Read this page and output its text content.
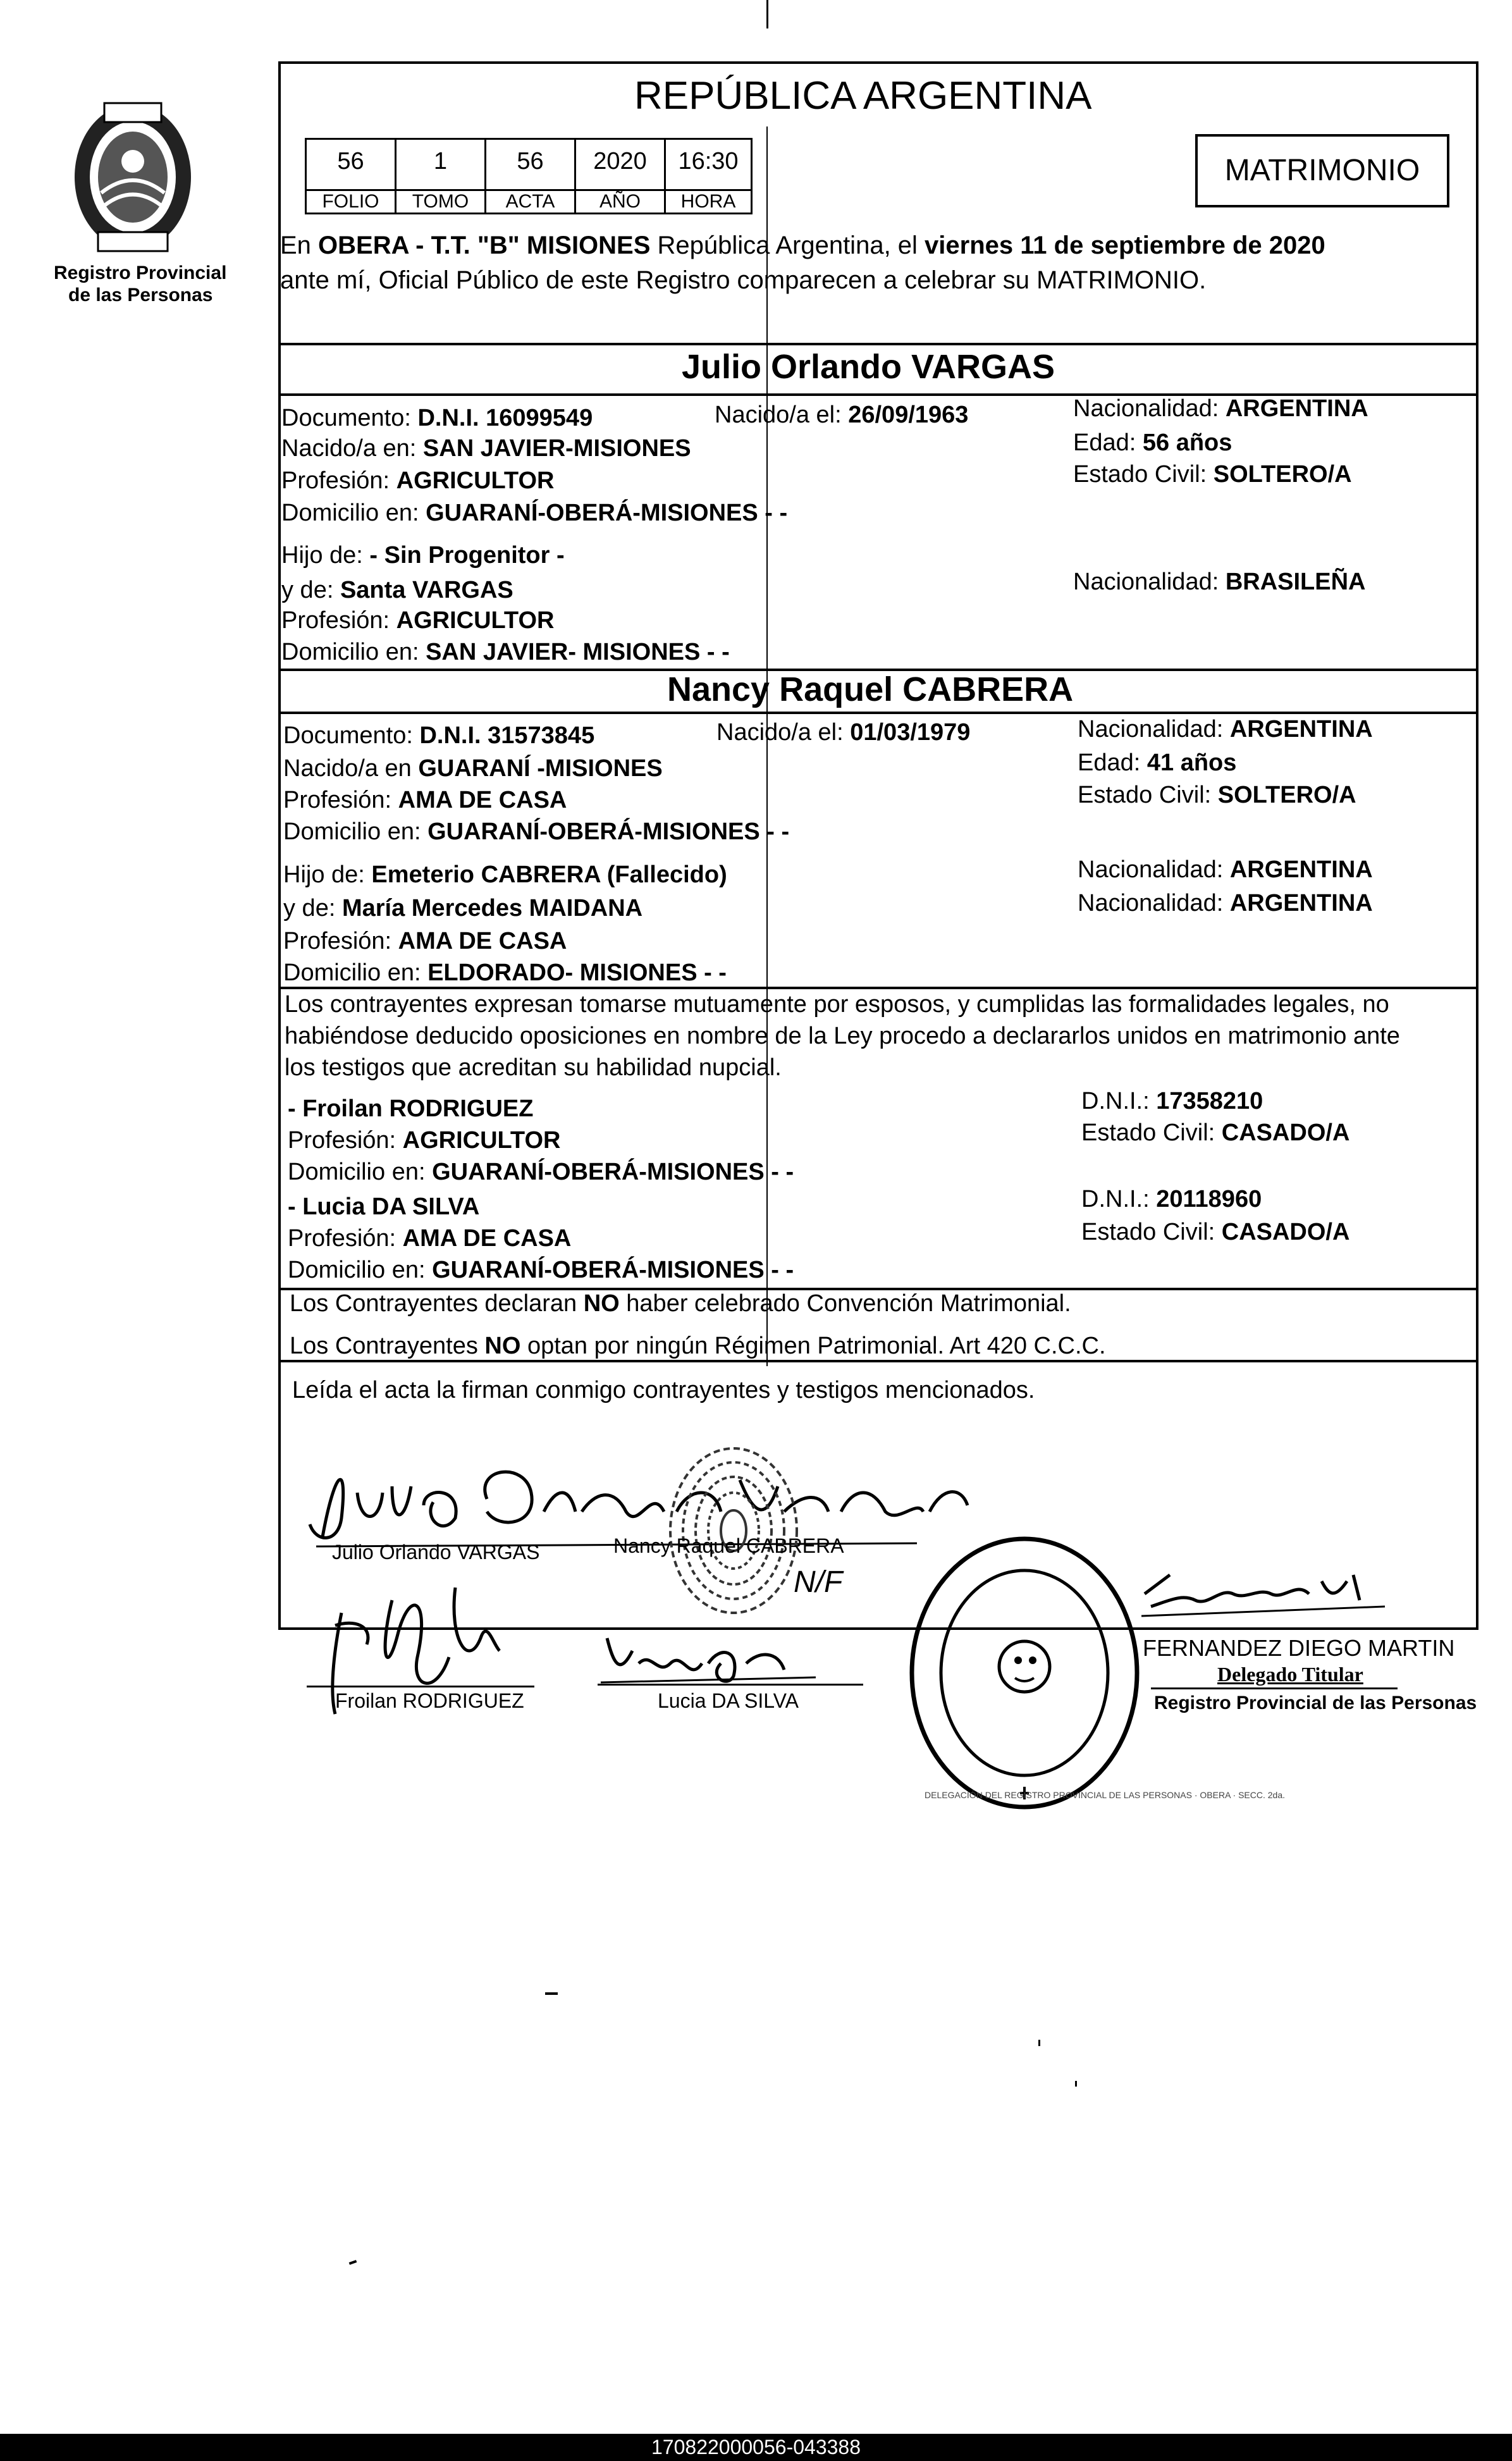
Registro Provincial
de las Personas
REPÚBLICA ARGENTINA
56	1	56	2020	16:30
FOLIO	TOMO	ACTA	AÑO	HORA
MATRIMONIO
En OBERA - T.T. "B" MISIONES República Argentina, el viernes 11 de septiembre de 2020
ante mí, Oficial Público de este Registro comparecen a celebrar su MATRIMONIO.
Julio Orlando VARGAS
Documento: D.N.I. 16099549	Nacido/a el: 26/09/1963	Nacionalidad: ARGENTINA
Nacido/a en: SAN JAVIER-MISIONES	Edad: 56 años
Profesión: AGRICULTOR	Estado Civil: SOLTERO/A
Domicilio en: GUARANÍ-OBERÁ-MISIONES - -
Hijo de: - Sin Progenitor -
y de: Santa VARGAS	Nacionalidad: BRASILEÑA
Profesión: AGRICULTOR
Domicilio en: SAN JAVIER- MISIONES - -
Nancy Raquel CABRERA
Documento: D.N.I. 31573845	Nacido/a el: 01/03/1979	Nacionalidad: ARGENTINA
Nacido/a en GUARANÍ -MISIONES	Edad: 41 años
Profesión: AMA DE CASA	Estado Civil: SOLTERO/A
Domicilio en: GUARANÍ-OBERÁ-MISIONES - -
Hijo de: Emeterio CABRERA (Fallecido)	Nacionalidad: ARGENTINA
y de: María Mercedes MAIDANA	Nacionalidad: ARGENTINA
Profesión: AMA DE CASA
Domicilio en: ELDORADO- MISIONES - -
Los contrayentes expresan tomarse mutuamente por esposos, y cumplidas las formalidades legales, no
habiéndose deducido oposiciones en nombre de la Ley procedo a declararlos unidos en matrimonio ante
los testigos que acreditan su habilidad nupcial.
- Froilan RODRIGUEZ	D.N.I.: 17358210
Profesión: AGRICULTOR	Estado Civil: CASADO/A
Domicilio en: GUARANÍ-OBERÁ-MISIONES - -
- Lucia DA SILVA	D.N.I.: 20118960
Profesión: AMA DE CASA	Estado Civil: CASADO/A
Domicilio en: GUARANÍ-OBERÁ-MISIONES - -
Los Contrayentes declaran NO haber celebrado Convención Matrimonial.
Los Contrayentes NO optan por ningún Régimen Patrimonial. Art 420 C.C.C.
Leída el acta la firman conmigo contrayentes y testigos mencionados.
Julio Orlando VARGAS	Nancy Raquel CABRERA
N/F
Froilan RODRIGUEZ	Lucia DA SILVA
DELEGACIÓN DEL REGISTRO PROVINCIAL DE LAS PERSONAS · OBERA · SECC. 2da.
FERNANDEZ DIEGO MARTIN
Delegado Titular
Registro Provincial de las Personas
170822000056-043388
